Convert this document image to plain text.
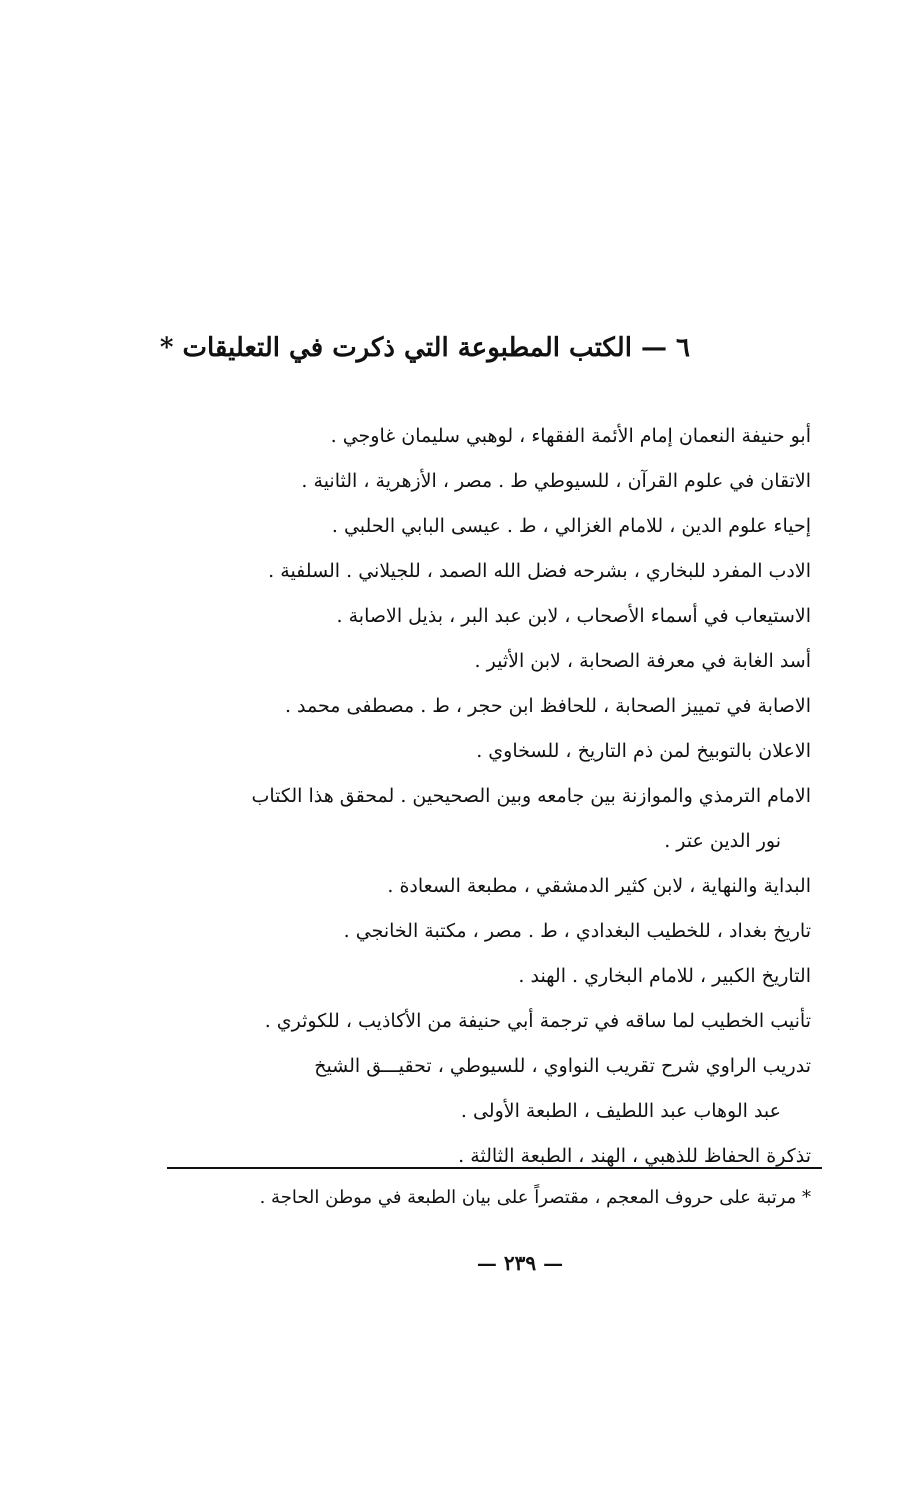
٦ — الكتب المطبوعة التي ذكرت في التعليقات *
أبو حنيفة النعمان إمام الأئمة الفقهاء ، لوهبي سليمان غاوجي .
الاتقان في علوم القرآن ، للسيوطي ط . مصر ، الأزهرية ، الثانية .
إحياء علوم الدين ، للامام الغزالي ، ط . عيسى البابي الحلبي .
الادب المفرد للبخاري ، بشرحه فضل الله الصمد ، للجيلاني . السلفية .
الاستيعاب في أسماء الأصحاب ، لابن عبد البر ، بذيل الاصابة .
أسد الغابة في معرفة الصحابة ، لابن الأثير .
الاصابة في تمييز الصحابة ، للحافظ ابن حجر ، ط . مصطفى محمد .
الاعلان بالتوبيخ لمن ذم التاريخ ، للسخاوي .
الامام الترمذي والموازنة بين جامعه وبين الصحيحين . لمحقق هذا الكتاب
نور الدين عتر .
البداية والنهاية ، لابن كثير الدمشقي ، مطبعة السعادة .
تاريخ بغداد ، للخطيب البغدادي ، ط . مصر ، مكتبة الخانجي .
التاريخ الكبير ، للامام البخاري . الهند .
تأنيب الخطيب لما ساقه في ترجمة أبي حنيفة من الأكاذيب ، للكوثري .
تدريب الراوي شرح تقريب النواوي ، للسيوطي ، تحقيـــق الشيخ
عبد الوهاب عبد اللطيف ، الطبعة الأولى .
تذكرة الحفاظ للذهبي ، الهند ، الطبعة الثالثة .
* مرتبة على حروف المعجم ، مقتصراً على بيان الطبعة في موطن الحاجة .
— ٢٣٩ —
